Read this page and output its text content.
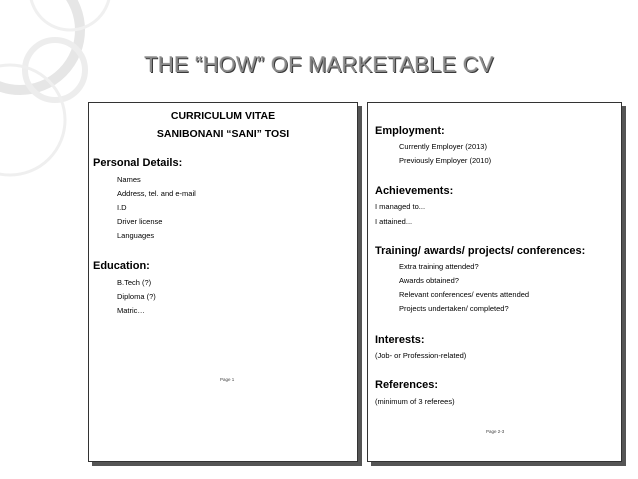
THE “HOW” OF MARKETABLE CV
CURRICULUM VITAE
SANIBONANI “SANI” TOSI
Personal Details:
Names
Address, tel. and e-mail
I.D
Driver license
Languages
Education:
B.Tech (?)
Diploma (?)
Matric…
Page 1
Employment:
Currently Employer (2013)
Previously Employer (2010)
Achievements:
I managed to...
I attained...
Training/ awards/ projects/ conferences:
Extra training attended?
Awards obtained?
Relevant conferences/ events attended
Projects undertaken/ completed?
Interests:
(Job- or Profession-related)
References:
(minimum of 3 referees)
Page 2-3
